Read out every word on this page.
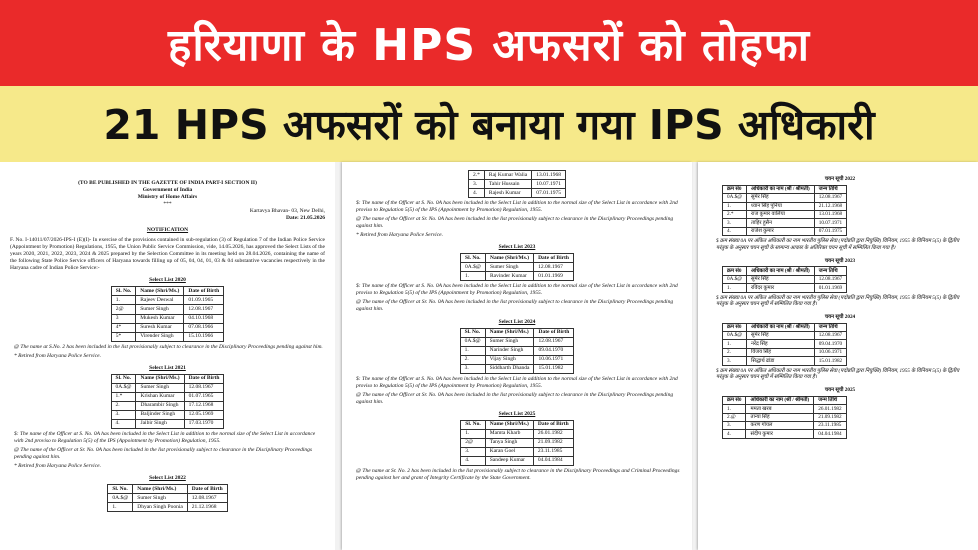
हरियाणा के HPS अफसरों को तोहफा
21 HPS अफसरों को बनाया गया IPS अधिकारी
(TO BE PUBLISHED IN THE GAZETTE OF INDIA PART-I SECTION II)
Government of India
Ministry of Home Affairs
***
Kartavya Bhavan- 03, New Delhi,
Date: 21.05.2026
NOTIFICATION
F. No. I-14011/07/2026-IPS-I (E)(I)- In exercise of the provisions contained in sub-regulation (3) of Regulation 7 of the Indian Police Service (Appointment by Promotion) Regulations, 1955, the Union Public Service Commission, vide, 14.05.2026, has approved the Select Lists of the years 2020, 2021, 2022, 2023, 2024 & 2025 prepared by the Selection Committee in its meeting held on 28.04.2026, containing the name of the following State Police Service officers of Haryana towards filling up of 05, 04, 04, 01, 03 & 04 substantive vacancies respectively in the Haryana cadre of Indian Police Service:-
Select List 2020
Sl. No.	Name (Shri/Ms.)	Date of Birth
1.	Rajeev Deswal	01.09.1965
2@	Sumer Singh	12.08.1967
3	Mukesh Kumar	04.10.1968
4*	Suresh Kumar	07.08.1966
5*	Virender Singh	15.10.1966
@ The name at S.No. 2 has been included in the list provisionally subject to clearance in the Disciplinary Proceedings pending against him.
* Retired from Haryana Police Service.
Select List 2021
Sl. No.	Name (Shri/Ms.)	Date of Birth
0A.$@	Sumer Singh	12.08.1967
1.*	Krishan Kumar	01.07.1965
2.	Dharambir Singh	17.12.1968
3.	Baljinder Singh	12.05.1969
4.	Jaibir Singh	17.03.1970
$: The name of the Officer at S. No. 0A has been included in the Select List in addition to the normal size of the Select List in accordance with 2nd proviso to Regulation 5(5) of the IPS (Appointment by Promotion) Regulation, 1955.
@ The name of the Officer at Sr. No. 0A has been included in the list provisionally subject to clearance in the Disciplinary Proceedings pending against him.
* Retired from Haryana Police Service.
Select List 2022
Sl. No.	Name (Shri/Ms.)	Date of Birth
0A.$@	Sumer Singh	12.08.1967
1.	Dhyan Singh Poonia	21.12.1968
2.*	Raj Kumar Walia	13.01.1968
3.	Tahir Hussain	10.07.1971
4.	Rajesh Kumar	07.01.1975
$: The name of the Officer at S. No. 0A has been included in the Select List in addition to the normal size of the Select List in accordance with 2nd proviso to Regulation 5(5) of the IPS (Appointment by Promotion) Regulation, 1955.
@ The name of the Officer at Sr. No. 0A has been included in the list provisionally subject to clearance in the Disciplinary Proceedings pending against him.
* Retired from Haryana Police Service.
Select List 2023
Sl. No.	Name (Shri/Ms.)	Date of Birth
0A.$@	Sumer Singh	12.08.1967
1.	Ravinder Kumar	01.01.1969
$: The name of the Officer at S. No. 0A has been included in the Select List in addition to the normal size of the Select List in accordance with 2nd proviso to Regulation 5(5) of the IPS (Appointment by Promotion) Regulation, 1955.
@ The name of the Officer at Sr. No. 0A has been included in the list provisionally subject to clearance in the Disciplinary Proceedings pending against him.
Select List 2024
Sl. No.	Name (Shri/Ms.)	Date of Birth
0A.$@	Sumer Singh	12.08.1967
1.	Narinder Singh	09.04.1970
2.	Vijay Singh	10.06.1971
3.	Siddharth Dhanda	15.01.1982
$: The name of the Officer at S. No. 0A has been included in the Select List in addition to the normal size of the Select List in accordance with 2nd proviso to Regulation 5(5) of the IPS (Appointment by Promotion) Regulation, 1955.
@ The name of the Officer at Sr. No. 0A has been included in the list provisionally subject to clearance in the Disciplinary Proceedings pending against him.
Select List 2025
Sl. No.	Name (Shri/Ms.)	Date of Birth
1.	Mamta Kharb	26.01.1982
2@	Tanya Singh	21.09.1982
3.	Karan Goel	23.11.1985
4.	Sandeep Kumar	04.04.1984
@ The name at Sr. No. 2 has been included in the list provisionally subject to clearance in the Disciplinary Proceedings and Criminal Proceedings pending against her and grant of Integrity Certificate by the State Government.
चयन सूची 2022
क्रम सं0	अधिकारी का नाम (श्री / श्रीमती)	जन्म तिथि
0A.$@	सुमेर सिंह	12.08.1967
1.	ध्यान सिंह पूनिया	21.12.1968
2.*	राज कुमार वालिया	13.01.1968
3.	ताहिर हुसैन	10.07.1971
4.	राजेश कुमार	07.01.1975
$ क्रम संख्या 0A पर अंकित अधिकारी का नाम भारतीय पुलिस सेवा (पदोन्नति द्वारा नियुक्ति) विनियम, 1955 के विनियम 5(5) के द्वितीय परंतुक के अनुसार चयन सूची के सामान्य आकार के अतिरिक्त चयन सूची में सम्मिलित किया गया है।
चयन सूची 2023
क्रम सं0	अधिकारी का नाम (श्री / श्रीमती)	जन्म तिथि
0A.$@	सुमेर सिंह	12.08.1967
1.	रविंदर कुमार	01.01.1969
$ क्रम संख्या 0A पर अंकित अधिकारी का नाम भारतीय पुलिस सेवा (पदोन्नति द्वारा नियुक्ति) विनियम, 1955 के विनियम 5(5) के द्वितीय परंतुक के अनुसार चयन सूची में सम्मिलित किया गया है।
चयन सूची 2024
क्रम सं0	अधिकारी का नाम (श्री / श्रीमती)	जन्म तिथि
0A.$@	सुमेर सिंह	12.08.1967
1.	नरेंद्र सिंह	09.04.1970
2.	विजय सिंह	10.06.1971
3.	सिद्धार्थ ढांडा	15.01.1982
$ क्रम संख्या 0A पर अंकित अधिकारी का नाम भारतीय पुलिस सेवा (पदोन्नति द्वारा नियुक्ति) विनियम, 1955 के विनियम 5(5) के द्वितीय परंतुक के अनुसार चयन सूची में सम्मिलित किया गया है।
चयन सूची 2025
क्रम सं0	अधिकारी का नाम (श्री / श्रीमती)	जन्म तिथि
1.	ममता खरब	26.01.1982
2.@	तान्या सिंह	21.09.1982
3.	करण गोयल	23.11.1985
4.	संदीप कुमार	04.04.1984
